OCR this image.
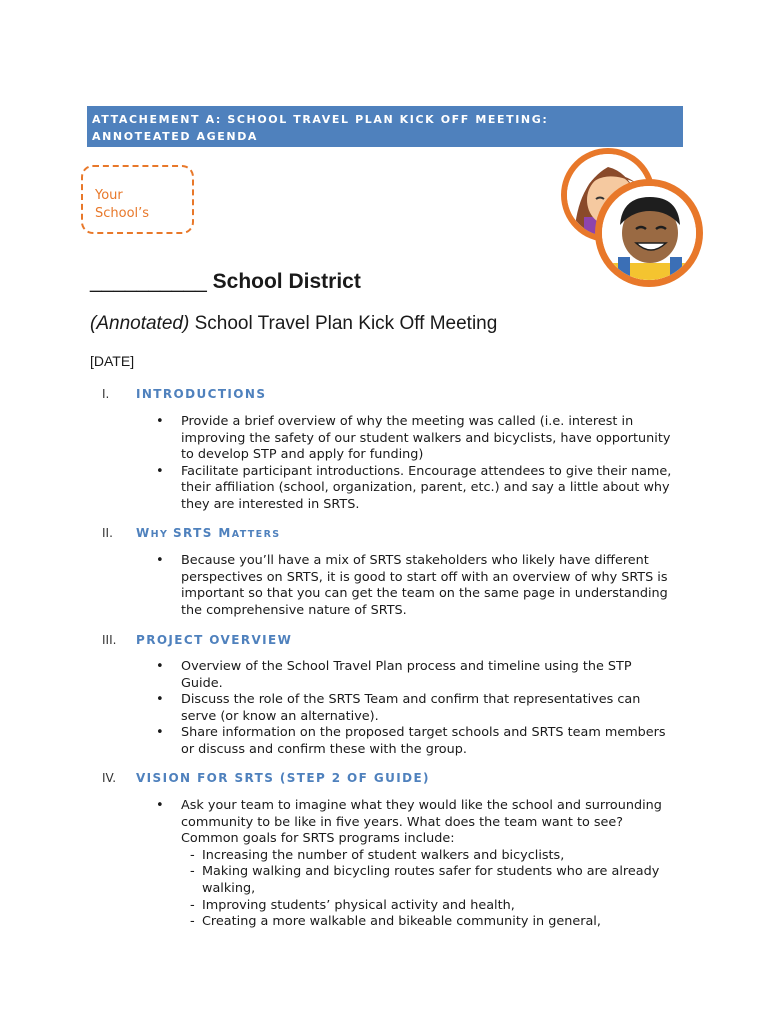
ATTACHEMENT A: SCHOOL TRAVEL PLAN KICK OFF MEETING:
ANNOTEATED AGENDA
Your
School’s
__________ School District
(Annotated) School Travel Plan Kick Off Meeting
[DATE]
I. INTRODUCTIONS
• Provide a brief overview of why the meeting was called (i.e. interest in improving the safety of our student walkers and bicyclists, have opportunity to develop STP and apply for funding)
• Facilitate participant introductions. Encourage attendees to give their name, their affiliation (school, organization, parent, etc.) and say a little about why they are interested in SRTS.
II. WHY SRTS MATTERS
• Because you’ll have a mix of SRTS stakeholders who likely have different perspectives on SRTS, it is good to start off with an overview of why SRTS is important so that you can get the team on the same page in understanding the comprehensive nature of SRTS.
III. PROJECT OVERVIEW
• Overview of the School Travel Plan process and timeline using the STP Guide.
• Discuss the role of the SRTS Team and confirm that representatives can serve (or know an alternative).
• Share information on the proposed target schools and SRTS team members or discuss and confirm these with the group.
IV. VISION FOR SRTS (STEP 2 OF GUIDE)
• Ask your team to imagine what they would like the school and surrounding community to be like in five years. What does the team want to see? Common goals for SRTS programs include:
- Increasing the number of student walkers and bicyclists,
- Making walking and bicycling routes safer for students who are already walking,
- Improving students’ physical activity and health,
- Creating a more walkable and bikeable community in general,
